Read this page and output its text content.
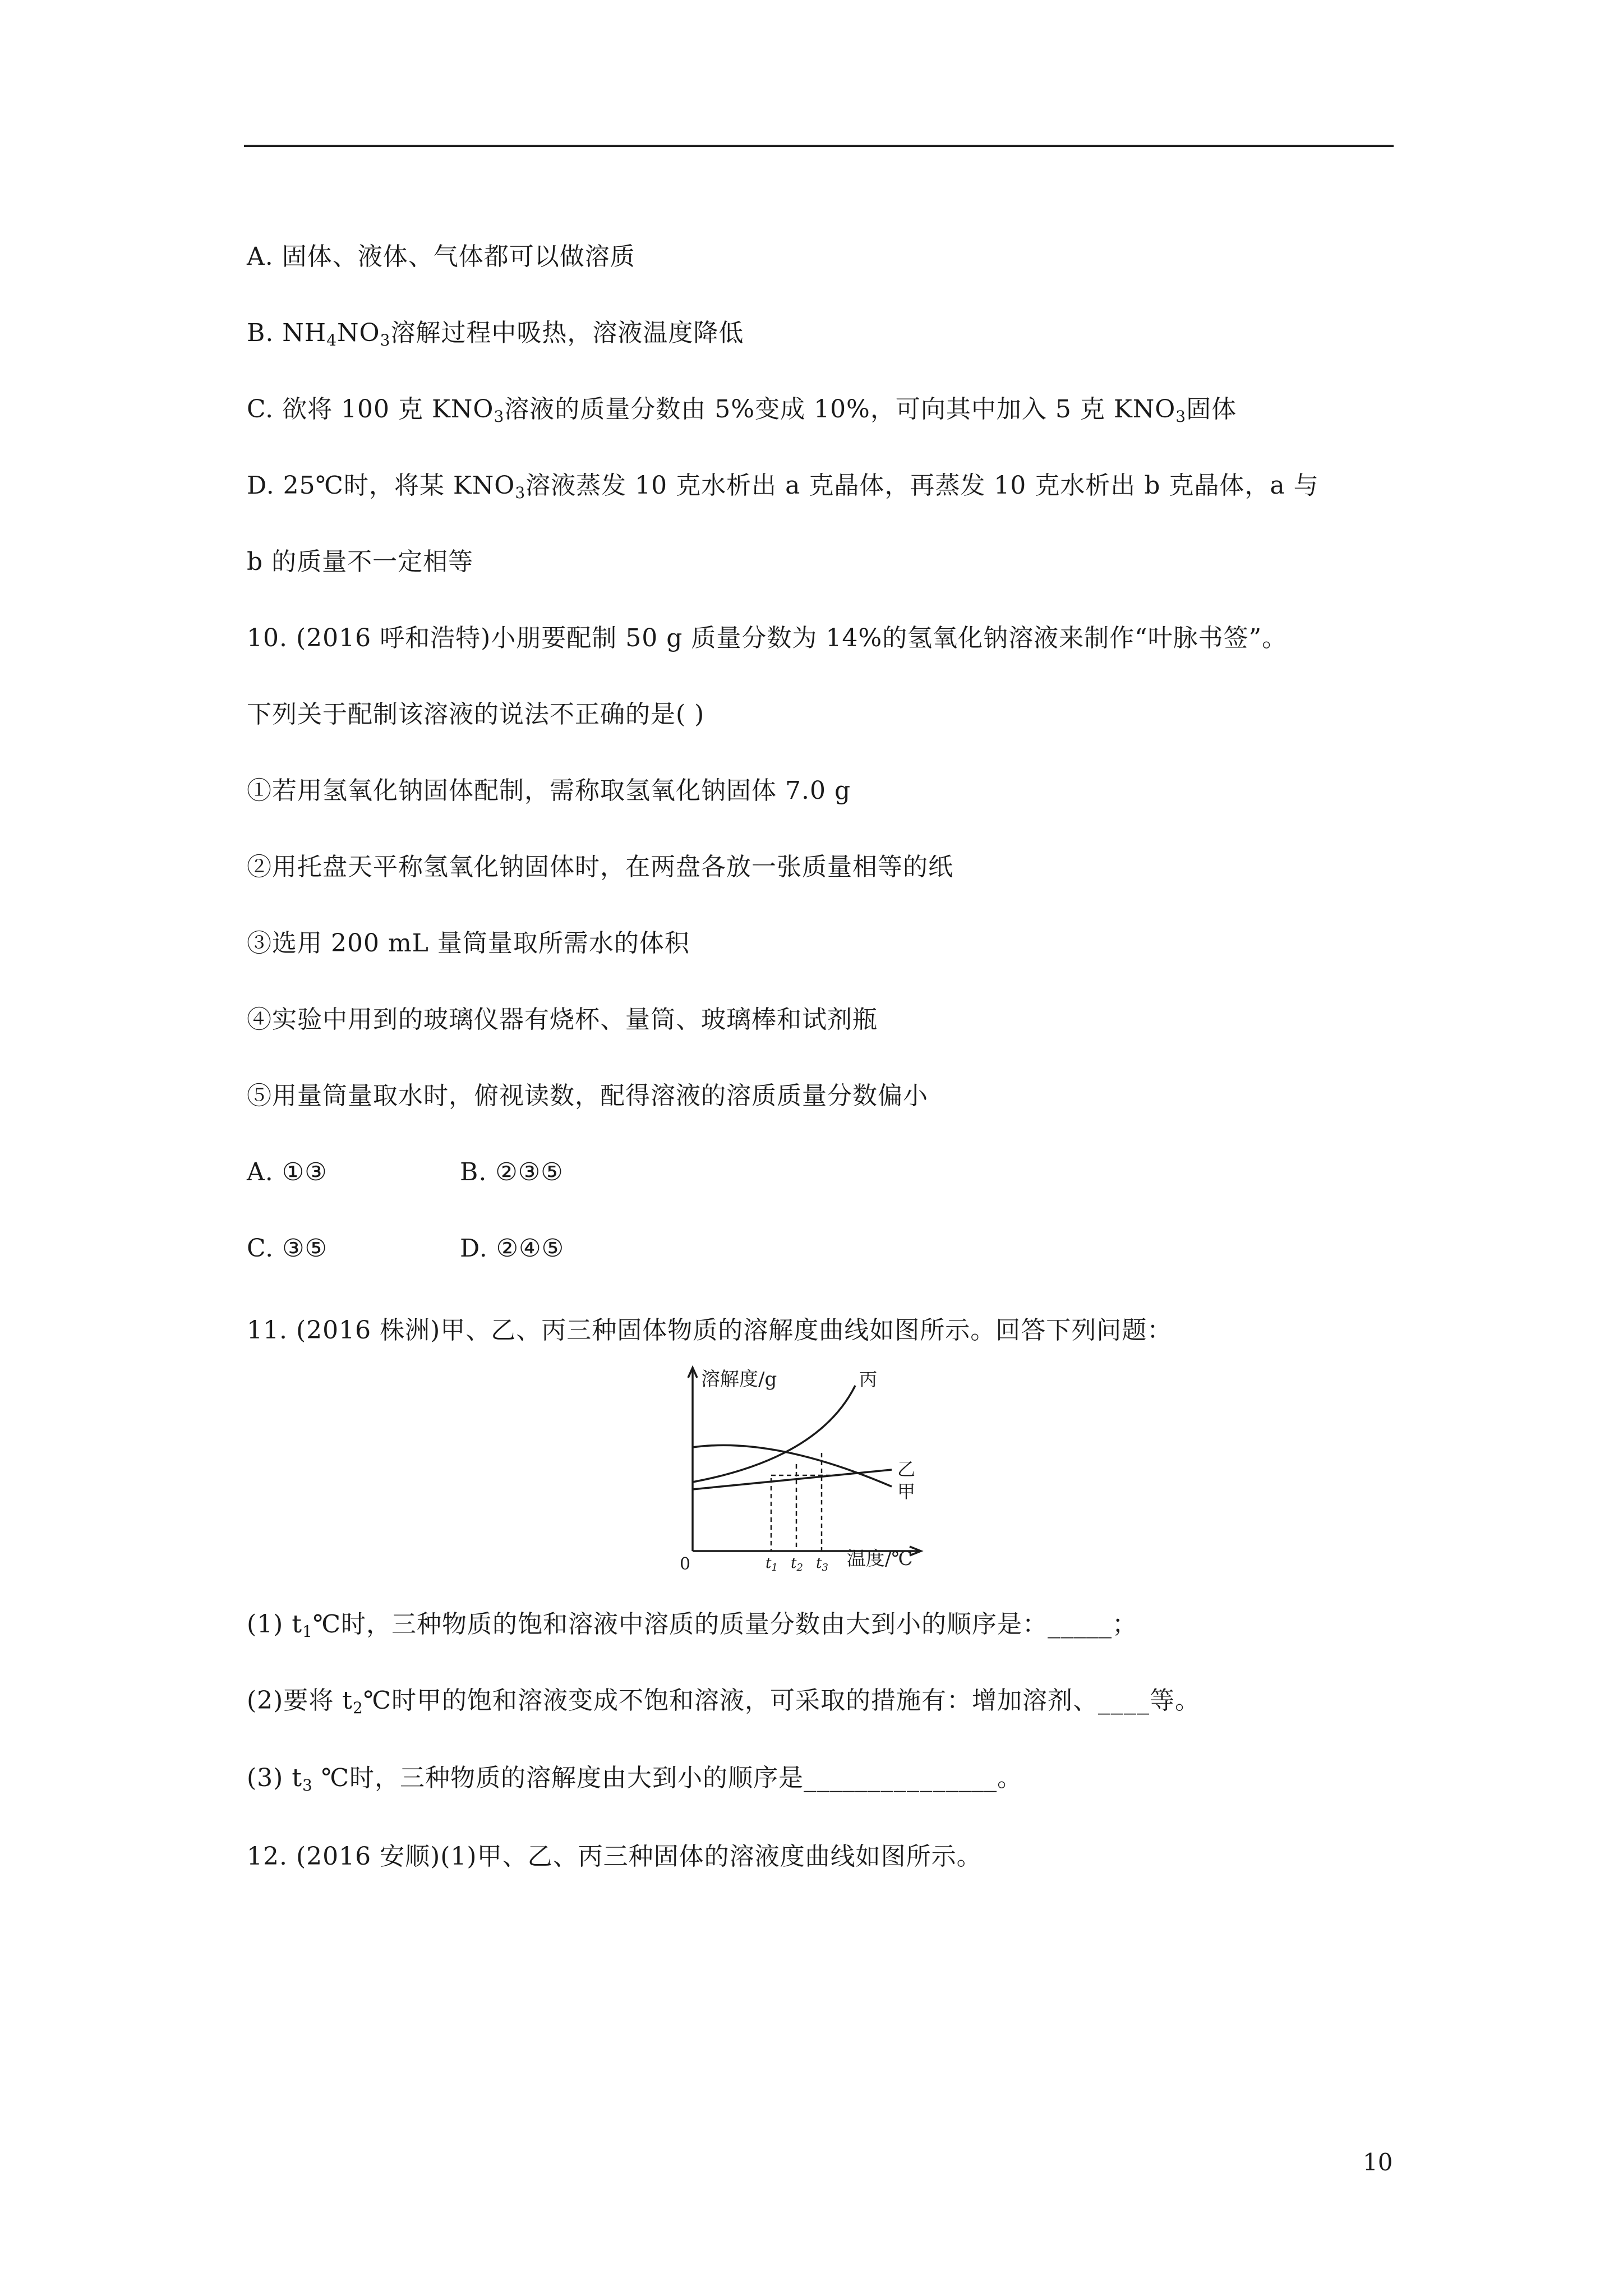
A. 固体、液体、气体都可以做溶质
B. $NH_4NO_3$溶解过程中吸热，溶液温度降低
C. 欲将 100 克 $KNO_3$溶液的质量分数由 5%变成 10%，可向其中加入 5 克 $KNO_3$固体
D. 25℃时，将某 $KNO_3$溶液蒸发 10 克水析出 a 克晶体，再蒸发 10 克水析出 b 克晶体，a 与
b 的质量不一定相等
10. (2016 呼和浩特)小朋要配制 50 g 质量分数为 14%的氢氧化钠溶液来制作“叶脉书签”。
下列关于配制该溶液的说法不正确的是( )
①若用氢氧化钠固体配制，需称取氢氧化钠固体 7.0 g
②用托盘天平称氢氧化钠固体时，在两盘各放一张质量相等的纸
③选用 200 mL 量筒量取所需水的体积
④实验中用到的玻璃仪器有烧杯、量筒、玻璃棒和试剂瓶
⑤用量筒量取水时，俯视读数，配得溶液的溶质质量分数偏小
A. ①③	B. ②③⑤
C. ③⑤	D. ②④⑤
11. (2016 株洲)甲、乙、丙三种固体物质的溶解度曲线如图所示。回答下列问题：
溶解度/g
温度/℃
0	t1 t2 t3
丙
乙
甲
(1) $t_1℃$时，三种物质的饱和溶液中溶质的质量分数由大到小的顺序是：_____；
(2)要将 $t_2℃$时甲的饱和溶液变成不饱和溶液，可采取的措施有：增加溶剂、____等。
(3) $t_3$ ℃时，三种物质的溶解度由大到小的顺序是_______________。
12. (2016 安顺)(1)甲、乙、丙三种固体的溶液度曲线如图所示。
10
